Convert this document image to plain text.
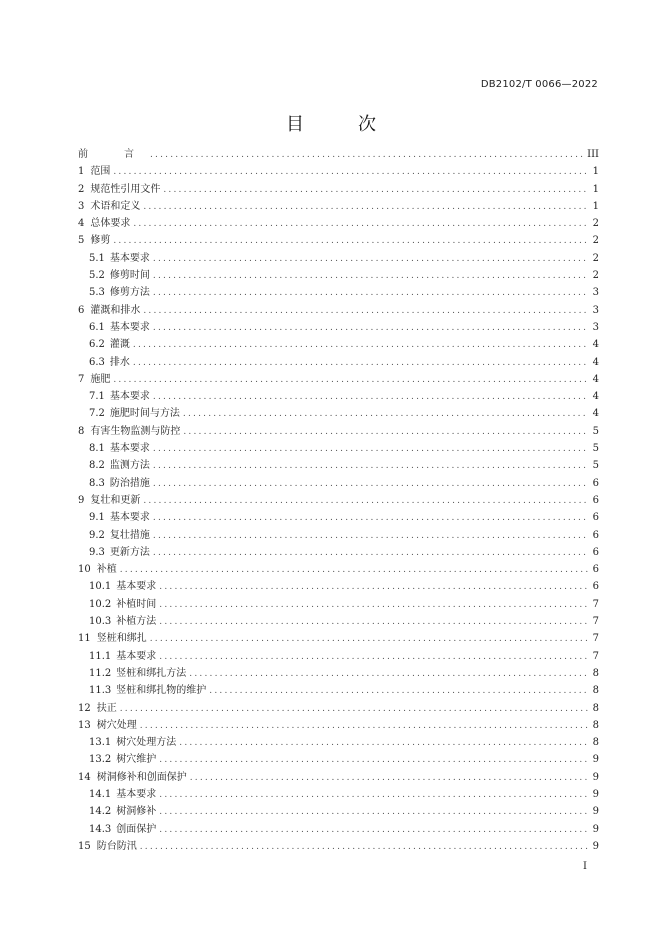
DB2102/T 0066—2022
目　次
前　言 .....	III
1 范围 .....	1
2 规范性引用文件 .....	1
3 术语和定义 .....	1
4 总体要求 .....	2
5 修剪 .....	2
5.1 基本要求 .....	2
5.2 修剪时间 .....	2
5.3 修剪方法 .....	3
6 灌溉和排水 .....	3
6.1 基本要求 .....	3
6.2 灌溉 .....	4
6.3 排水 .....	4
7 施肥 .....	4
7.1 基本要求 .....	4
7.2 施肥时间与方法 .....	4
8 有害生物监测与防控 .....	5
8.1 基本要求 .....	5
8.2 监测方法 .....	5
8.3 防治措施 .....	6
9 复壮和更新 .....	6
9.1 基本要求 .....	6
9.2 复壮措施 .....	6
9.3 更新方法 .....	6
10 补植 .....	6
10.1 基本要求 .....	6
10.2 补植时间 .....	7
10.3 补植方法 .....	7
11 竖桩和绑扎 .....	7
11.1 基本要求 .....	7
11.2 竖桩和绑扎方法 .....	8
11.3 竖桩和绑扎物的维护 .....	8
12 扶正 .....	8
13 树穴处理 .....	8
13.1 树穴处理方法 .....	8
13.2 树穴维护 .....	9
14 树洞修补和创面保护 .....	9
14.1 基本要求 .....	9
14.2 树洞修补 .....	9
14.3 创面保护 .....	9
15 防台防汛 .....	9
I
